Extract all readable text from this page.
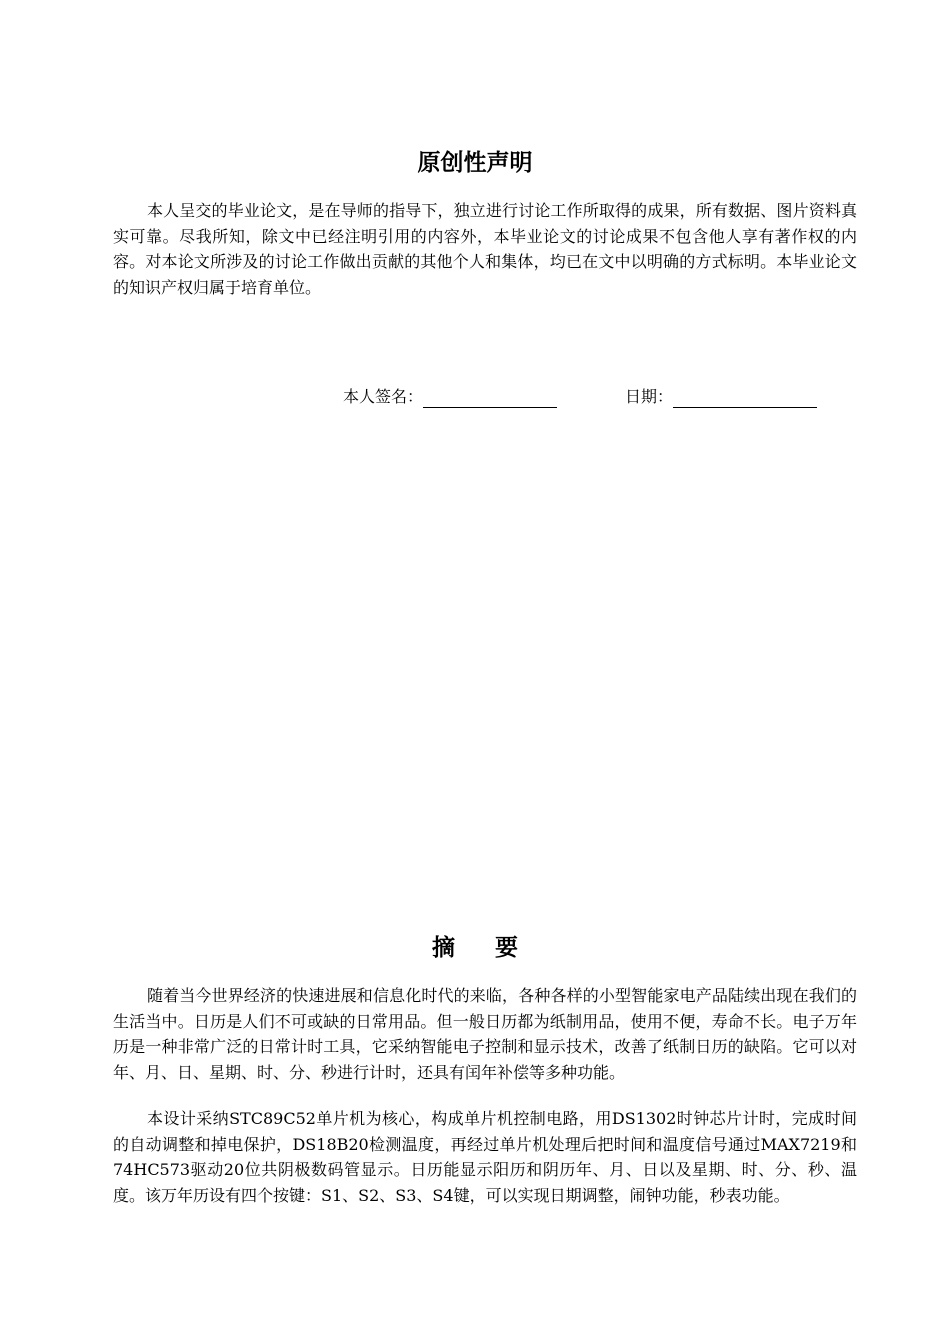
原创性声明

本人呈交的毕业论文，是在导师的指导下，独立进行讨论工作所取得的成果，所有数据、图片资料真实可靠。尽我所知，除文中已经注明引用的内容外，本毕业论文的讨论成果不包含他人享有著作权的内容。对本论文所涉及的讨论工作做出贡献的其他个人和集体，均已在文中以明确的方式标明。本毕业论文的知识产权归属于培育单位。

本人签名：	日期：
摘要

随着当今世界经济的快速进展和信息化时代的来临，各种各样的小型智能家电产品陆续出现在我们的生活当中。日历是人们不可或缺的日常用品。但一般日历都为纸制用品，使用不便，寿命不长。电子万年历是一种非常广泛的日常计时工具，它采纳智能电子控制和显示技术，改善了纸制日历的缺陷。它可以对年、月、日、星期、时、分、秒进行计时，还具有闰年补偿等多种功能。

本设计采纳STC89C52单片机为核心，构成单片机控制电路，用DS1302时钟芯片计时，完成时间的自动调整和掉电保护，DS18B20检测温度，再经过单片机处理后把时间和温度信号通过MAX7219和74HC573驱动20位共阴极数码管显示。日历能显示阳历和阴历年、月、日以及星期、时、分、秒、温度。该万年历设有四个按键：S1、S2、S3、S4键，可以实现日期调整，闹钟功能，秒表功能。
